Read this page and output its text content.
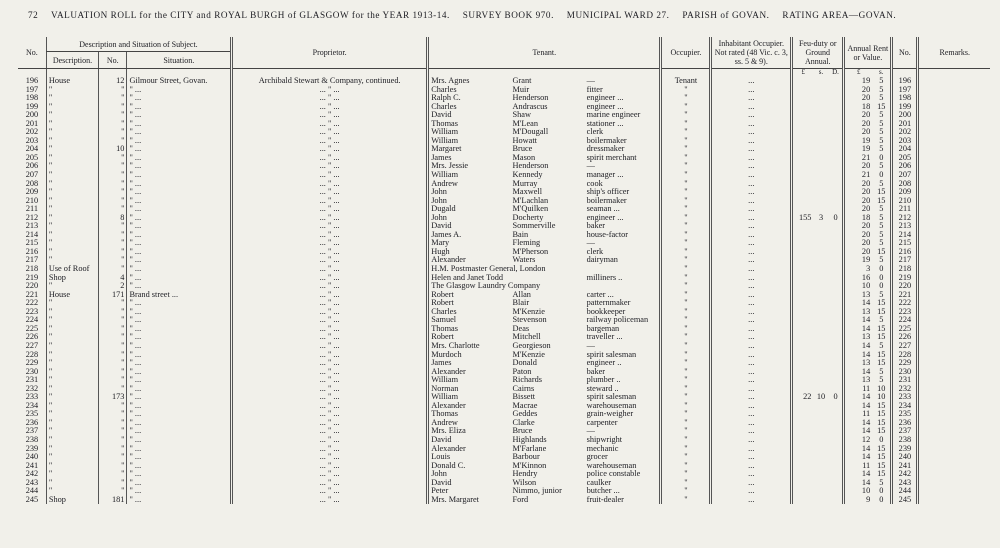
72 VALUATION ROLL for the CITY and ROYAL BURGH of GLASGOW for the YEAR 1913-14. SURVEY BOOK 970. MUNICIPAL WARD 27. PARISH of GOVAN. RATING AREA—GOVAN.
No.	Description and Situation of Subject.			Proprietor.	Tenant.			Occupier.	Inhabitant Occupier. Not rated (48 Vic. c. 3, ss. 5 & 9).	Feu-duty or Ground Annual.			Annual Rent or Value.		No.	Remarks.
	Description.	No.	Situation.													
										£	s.	D.	£	s.		
196	House	12	Gilmour Street, Govan.	Archibald Stewart & Company, continued.	Mrs. Agnes	Grant	—	Tenant	...				19	5	196	
197	"	"	" ...	... " ...	Charles	Muir	fitter	"	...				20	5	197	
198	"	"	" ...	... " ...	Ralph C.	Henderson	engineer ...	"	...				20	5	198	
199	"	"	" ...	... " ...	Charles	Andrascus	engineer ...	"	...				18	15	199	
200	"	"	" ...	... " ...	David	Shaw	marine engineer	"	...				20	5	200	
201	"	"	" ...	... " ...	Thomas	M'Lean	stationer ...	"	...				20	5	201	
202	"	"	" ...	... " ...	William	M'Dougall	clerk	"	...				20	5	202	
203	"	"	" ...	... " ...	William	Howatt	boilermaker	"	...				19	5	203	
204	"	10	" ...	... " ...	Margaret	Bruce	dressmaker	"	...				19	5	204	
205	"	"	" ...	... " ...	James	Mason	spirit merchant	"	...				21	0	205	
206	"	"	" ...	... " ...	Mrs. Jessie	Henderson	—	"	...				20	5	206	
207	"	"	" ...	... " ...	William	Kennedy	manager ...	"	...				21	0	207	
208	"	"	" ...	... " ...	Andrew	Murray	cook	"	...				20	5	208	
209	"	"	" ...	... " ...	John	Maxwell	ship's officer	"	...				20	15	209	
210	"	"	" ...	... " ...	John	M'Lachlan	boilermaker	"	...				20	15	210	
211	"	"	" ...	... " ...	Dugald	M'Quilken	seaman ...	"	...				20	5	211	
212	"	8	" ...	... " ...	John	Docherty	engineer ...	"	...	155	3	0	18	5	212	
213	"	"	" ...	... " ...	David	Sommerville	baker	"	...				20	5	213	
214	"	"	" ...	... " ...	James A.	Bain	house-factor	"	...				20	5	214	
215	"	"	" ...	... " ...	Mary	Fleming	—	"	...				20	5	215	
216	"	"	" ...	... " ...	Hugh	M'Pherson	clerk	"	...				20	15	216	
217	"	"	" ...	... " ...	Alexander	Waters	dairyman	"	...				19	5	217	
218	Use of Roof	"	" ...	... " ...	H.M. Postmaster General, London			"	...				3	0	218	
219	Shop	4	" ...	... " ...	Helen and Janet Todd		milliners ..	"	...				16	0	219	
220	"	2	" ...	... " ...	The Glasgow Laundry Company			"	...				10	0	220	
221	House	171	Brand street ...	... " ...	Robert	Allan	carter ...	"	...				13	5	221	
222	"	"	" ...	... " ...	Robert	Blair	patternmaker	"	...				14	15	222	
223	"	"	" ...	... " ...	Charles	M'Kenzie	bookkeeper	"	...				13	15	223	
224	"	"	" ...	... " ...	Samuel	Stevenson	railway policeman	"	...				14	5	224	
225	"	"	" ...	... " ...	Thomas	Deas	bargeman	"	...				14	15	225	
226	"	"	" ...	... " ...	Robert	Mitchell	traveller ...	"	...				13	15	226	
227	"	"	" ...	... " ...	Mrs. Charlotte	Georgieson	—	"	...				14	5	227	
228	"	"	" ...	... " ...	Murdoch	M'Kenzie	spirit salesman	"	...				14	15	228	
229	"	"	" ...	... " ...	James	Donald	engineer ..	"	...				13	15	229	
230	"	"	" ...	... " ...	Alexander	Paton	baker	"	...				14	5	230	
231	"	"	" ...	... " ...	William	Richards	plumber ..	"	...				13	5	231	
232	"	"	" ...	... " ...	Norman	Cairns	steward ..	"	...				11	10	232	
233	"	173	" ...	... " ...	William	Bissett	spirit salesman	"	...	22	10	0	14	10	233	
234	"	"	" ...	... " ...	Alexander	Macrae	warehouseman	"	...				14	15	234	
235	"	"	" ...	... " ...	Thomas	Geddes	grain-weigher	"	...				11	15	235	
236	"	"	" ...	... " ...	Andrew	Clarke	carpenter	"	...				14	15	236	
237	"	"	" ...	... " ...	Mrs. Eliza	Bruce	—	"	...				14	15	237	
238	"	"	" ...	... " ...	David	Highlands	shipwright	"	...				12	0	238	
239	"	"	" ...	... " ...	Alexander	M'Farlane	mechanic	"	...				14	15	239	
240	"	"	" ...	... " ...	Louis	Barbour	grocer	"	...				14	15	240	
241	"	"	" ...	... " ...	Donald C.	M'Kinnon	warehouseman	"	...				11	15	241	
242	"	"	" ...	... " ...	John	Hendry	police constable	"	...				14	15	242	
243	"	"	" ...	... " ...	David	Wilson	caulker	"	...				14	5	243	
244	"	"	" ...	... " ...	Peter	Nimmo, junior	butcher ...	"	...				10	0	244	
245	Shop	181	" ...	... " ...	Mrs. Margaret	Ford	fruit-dealer	"	...				9	0	245	
